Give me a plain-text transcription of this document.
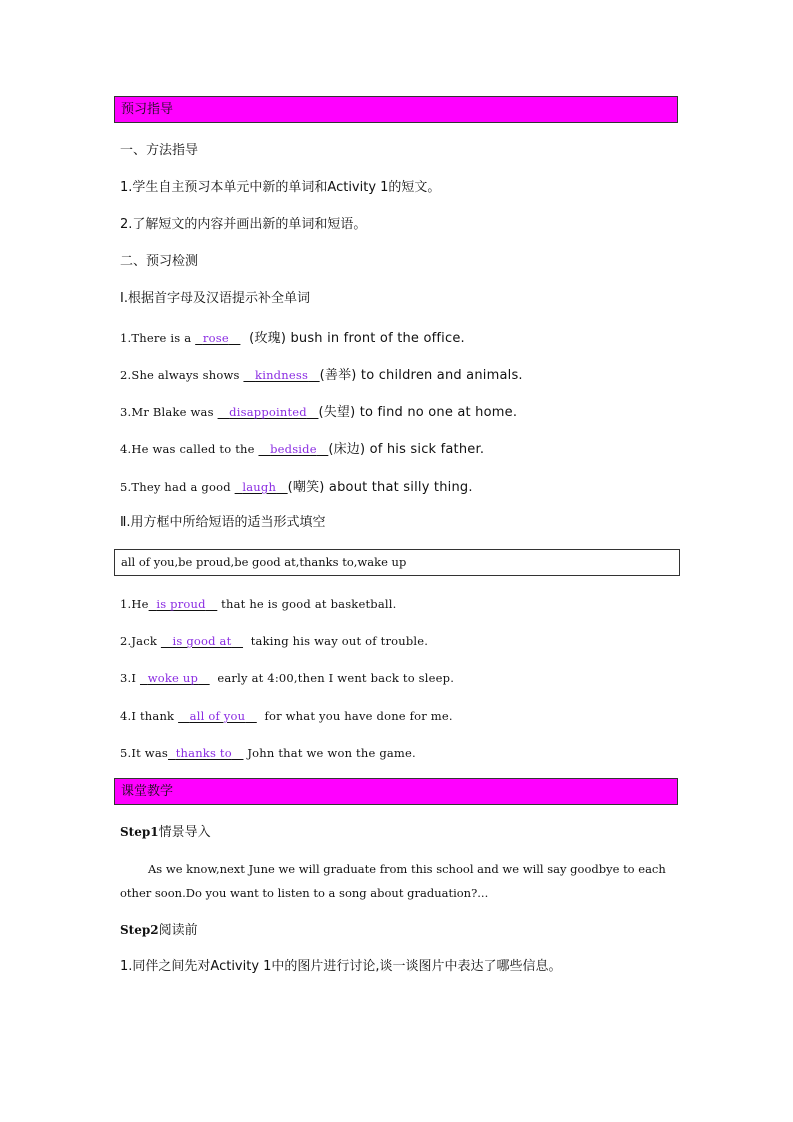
预习指导
一、方法指导
1.学生自主预习本单元中新的单词和Activity 1的短文。
2.了解短文的内容并画出新的单词和短语。
二、预习检测
Ⅰ.根据首字母及汉语提示补全单词
1.There is a   rose (玫瑰) bush in front of the office.
2.She always shows    kindness (善举) to children and animals.
3.Mr Blake was    disappointed (失望) to find no one at home.
4.He was called to the    bedside (床边) of his sick father.
5.They had a good   laugh (嘲笑) about that silly thing.
Ⅱ.用方框中所给短语的适当形式填空
all of you,be proud,be good at,thanks to,wake up
1.He is proud that he is good at basketball.
2.Jack    is good at taking his way out of trouble.
3.I   woke up early at 4:00,then I went back to sleep.
4.I thank    all of you for what you have done for me.
5.It was thanks to John that we won the game.
课堂教学
Step1情景导入
As we know,next June we will graduate from this school and we will say goodbye to each other soon.Do you want to listen to a song about graduation?...
Step2阅读前
1.同伴之间先对Activity 1中的图片进行讨论,谈一谈图片中表达了哪些信息。
